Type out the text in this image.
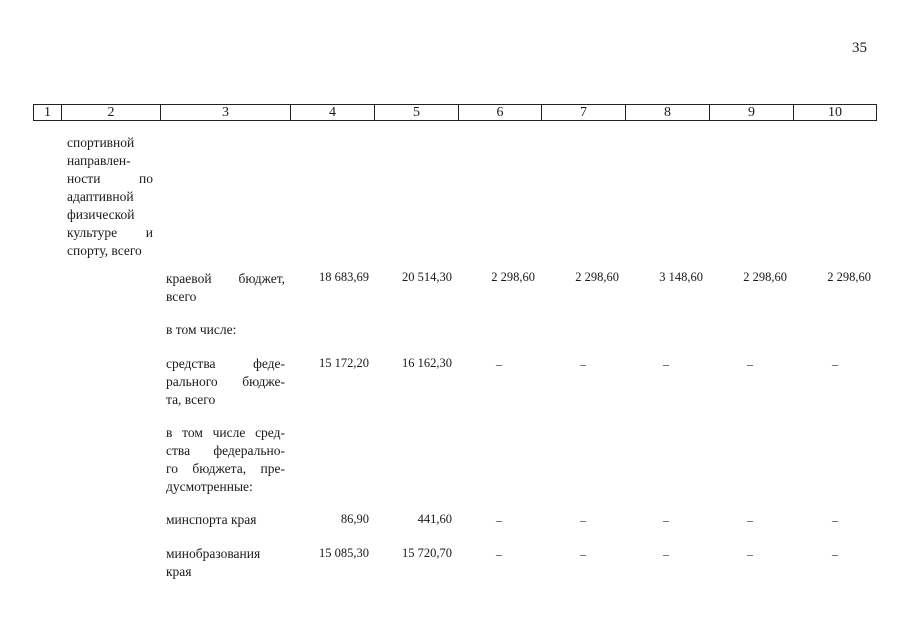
35
1	2	3	4	5	6	7	8	9	10
спортивной
направлен-
ности по
адаптивной
физической
культуре и
спорту, всего
краевой бюджет,
всего
18 683,69	20 514,30	2 298,60	2 298,60	3 148,60	2 298,60	2 298,60
в том числе:
средства феде-
рального бюдже-
та, всего
15 172,20	16 162,30	–	–	–	–	–
в том числе сред-
ства федерально-
го бюджета, пре-
дусмотренные:
минспорта края	86,90	441,60	–	–	–	–	–
минобразования
края
15 085,30	15 720,70	–	–	–	–	–
